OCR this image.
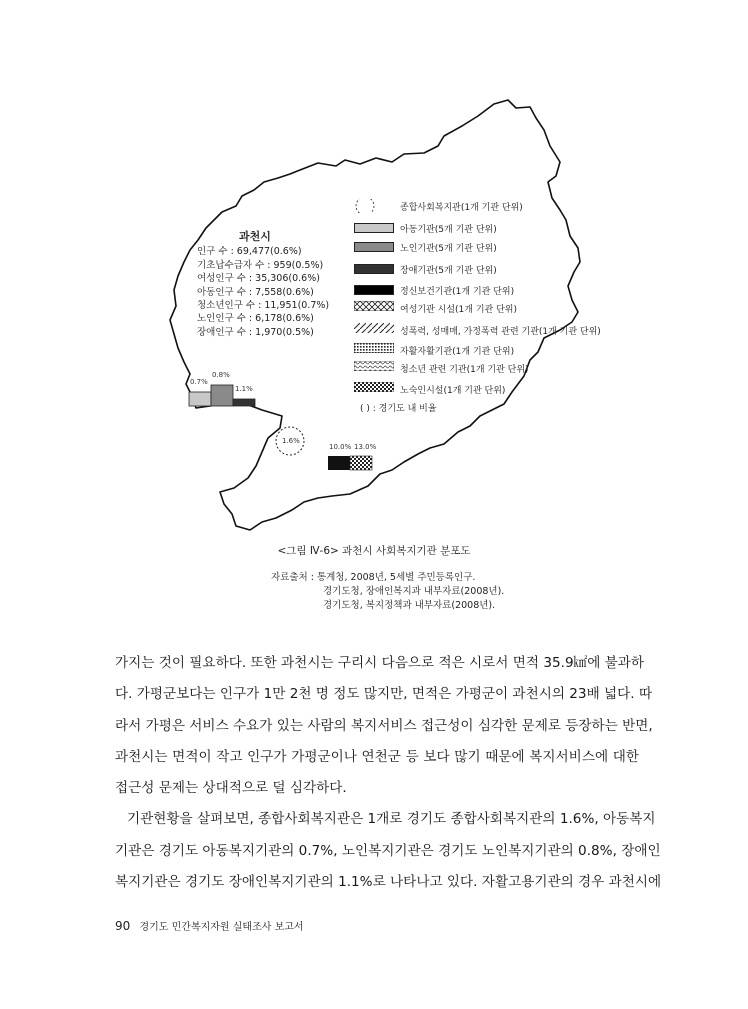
과천시
인구 수 : 69,477(0.6%)
기초납수급자 수 : 959(0.5%)
여성인구 수 : 35,306(0.6%)
아동인구 수 : 7,558(0.6%)
청소년인구 수 : 11,951(0.7%)
노인인구 수 : 6,178(0.6%)
장애인구 수 : 1,970(0.5%)
종합사회복지관(1개 기관 단위)
아동기관(5개 기관 단위)
노인기관(5개 기관 단위)
장애기관(5개 기관 단위)
정신보건기관(1개 기관 단위)
여성기관 시설(1개 기관 단위)
성폭력, 성매매, 가정폭력 관련 기관(1개 기관 단위)
자활자활기관(1개 기관 단위)
청소년 관련 기관(1개 기관 단위)
노숙인시설(1개 기관 단위)
( ) : 경기도 내 비율
0.7%
0.8%
1.1%
1.6%
10.0% 13.0%
<그림 Ⅳ-6> 과천시 사회복지기관 분포도
자료출처 : 통계청, 2008년, 5세별 주민등록인구.
경기도청, 장애인복지과 내부자료(2008년).
경기도청, 복지정책과 내부자료(2008년).

가지는 것이 필요하다. 또한 과천시는 구리시 다음으로 적은 시로서 면적 35.9㎢에 불과하

다. 가평군보다는 인구가 1만 2천 명 정도 많지만, 면적은 가평군이 과천시의 23배 넓다. 따

라서 가평은 서비스 수요가 있는 사람의 복지서비스 접근성이 심각한 문제로 등장하는 반면,

과천시는 면적이 작고 인구가 가평군이나 연천군 등 보다 많기 때문에 복지서비스에 대한

접근성 문제는 상대적으로 덜 심각하다.

기관현황을 살펴보면, 종합사회복지관은 1개로 경기도 종합사회복지관의 1.6%, 아동복지

기관은 경기도 아동복지기관의 0.7%, 노인복지기관은 경기도 노인복지기관의 0.8%, 장애인

복지기관은 경기도 장애인복지기관의 1.1%로 나타나고 있다. 자활고용기관의 경우 과천시에

90 경기도 민간복지자원 실태조사 보고서
